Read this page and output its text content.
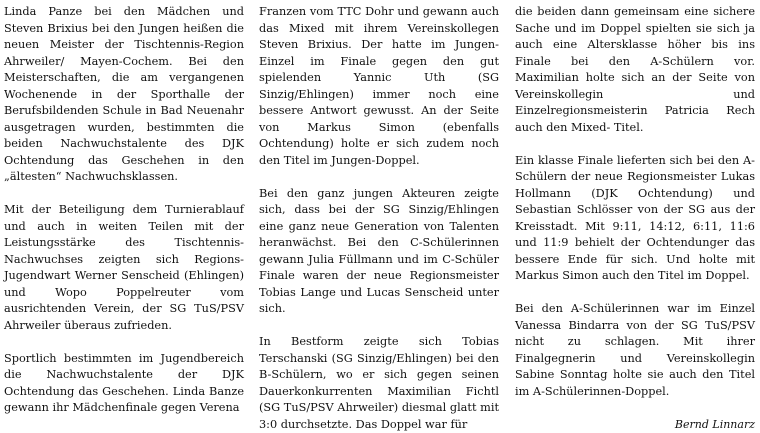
Linda Panze bei den Mädchen und Steven Brixius bei den Jungen heißen die neuen Meister der Tischtennis-Region Ahrweiler/ Mayen-Cochem. Bei den Meisterschaften, die am vergangenen Wochenende in der Sporthalle der Berufsbildenden Schule in Bad Neuenahr ausgetragen wurden, bestimmten die beiden Nachwuchstalente des DJK Ochtendung das Geschehen in den „ältesten“ Nachwuchsklassen.

Mit der Beteiligung dem Turnierablauf und auch in weiten Teilen mit der Leistungsstärke des Tischtennis-Nachwuchses zeigten sich Regions-Jugendwart Werner Senscheid (Ehlingen) und Wopo Poppelreuter vom ausrichtenden Verein, der SG TuS/PSV Ahrweiler überaus zufrieden.

Sportlich bestimmten im Jugendbereich die Nachwuchstalente der DJK Ochtendung das Geschehen. Linda Banze gewann ihr Mädchenfinale gegen Verena

Franzen vom TTC Dohr und gewann auch das Mixed mit ihrem Vereinskollegen Steven Brixius. Der hatte im Jungen-Einzel im Finale gegen den gut spielenden Yannic Uth (SG Sinzig/Ehlingen) immer noch eine bessere Antwort gewusst. An der Seite von Markus Simon (ebenfalls Ochtendung) holte er sich zudem noch den Titel im Jungen-Doppel.

Bei den ganz jungen Akteuren zeigte sich, dass bei der SG Sinzig/Ehlingen eine ganz neue Generation von Talenten heranwächst. Bei den C-Schülerinnen gewann Julia Füllmann und im C-Schüler Finale waren der neue Regionsmeister Tobias Lange und Lucas Senscheid unter sich.

In Bestform zeigte sich Tobias Terschanski (SG Sinzig/Ehlingen) bei den B-Schülern, wo er sich gegen seinen Dauerkonkurrenten Maximilian Fichtl (SG TuS/PSV Ahrweiler) diesmal glatt mit 3:0 durchsetzte. Das Doppel war für

die beiden dann gemeinsam eine sichere Sache und im Doppel spielten sie sich ja auch eine Altersklasse höher bis ins Finale bei den A-Schülern vor. Maximilian holte sich an der Seite von Vereinskollegin und Einzelregionsmeisterin Patricia Rech auch den Mixed- Titel.

Ein klasse Finale lieferten sich bei den A-Schülern der neue Regionsmeister Lukas Hollmann (DJK Ochtendung) und Sebastian Schlösser von der SG aus der Kreisstadt. Mit 9:11, 14:12, 6:11, 11:6 und 11:9 behielt der Ochtendunger das bessere Ende für sich. Und holte mit Markus Simon auch den Titel im Doppel.

Bei den A-Schülerinnen war im Einzel Vanessa Bindarra von der SG TuS/PSV nicht zu schlagen. Mit ihrer Finalgegnerin und Vereinskollegin Sabine Sonntag holte sie auch den Titel im A-Schülerinnen-Doppel.

Bernd Linnarz
